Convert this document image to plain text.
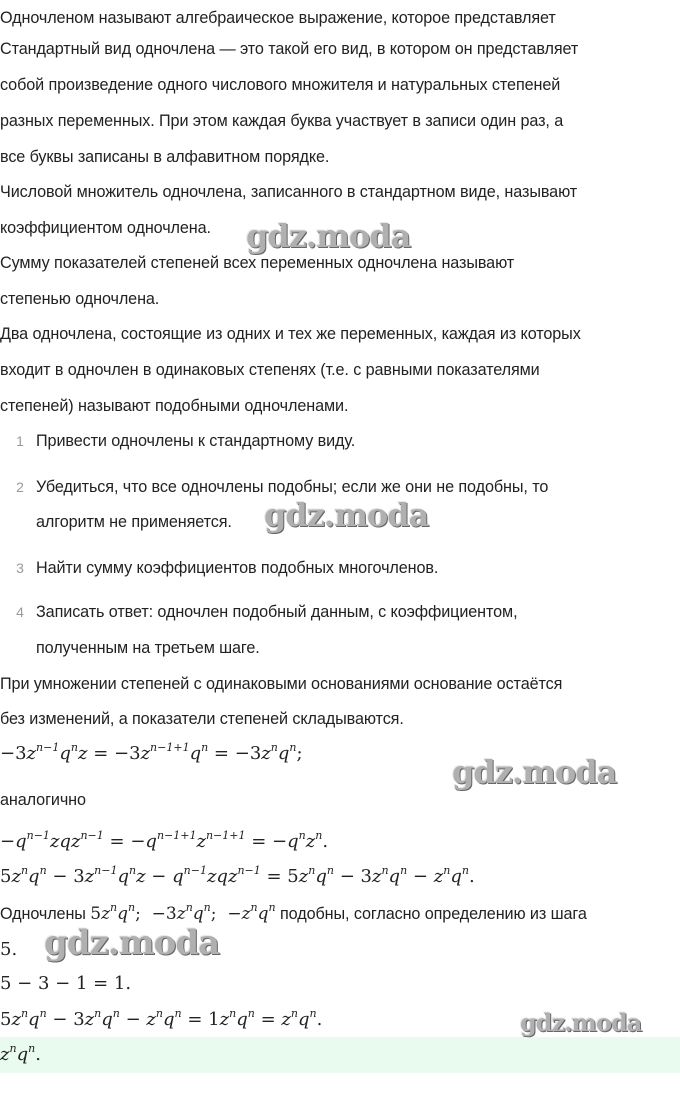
Одночленом называют алгебраическое выражение, которое представляет
Стандартный вид одночлена — это такой его вид, в котором он представляет
собой произведение одного числового множителя и натуральных степеней
разных переменных. При этом каждая буква участвует в записи один раз, а
все буквы записаны в алфавитном порядке.
Числовой множитель одночлена, записанного в стандартном виде, называют
коэффициентом одночлена.
Сумму показателей степеней всех переменных одночлена называют
степенью одночлена.
Два одночлена, состоящие из одних и тех же переменных, каждая из которых
входит в одночлен в одинаковых степенях (т.е. с равными показателями
степеней) называют подобными одночленами.
1 Привести одночлены к стандартному виду.
2 Убедиться, что все одночлены подобны; если же они не подобны, то
алгоритм не применяется.
3 Найти сумму коэффициентов подобных многочленов.
4 Записать ответ: одночлен подобный данным, с коэффициентом,
полученным на третьем шаге.
При умножении степеней с одинаковыми основаниями основание остаётся
без изменений, а показатели степеней складываются.
$-3z^{n-1}q^nz = -3z^{n-1+1}q^n = -3z^nq^n$;
аналогично
$-q^{n-1}zqz^{n-1} = -q^{n-1+1}z^{n-1+1} = -q^nz^n$.
$5z^nq^n - 3z^{n-1}q^nz - q^{n-1}zqz^{n-1} = 5z^nq^n - 3z^nq^n - z^nq^n$.
Одночлены $5z^nq^n$; $-3z^nq^n$; $-z^nq^n$ подобны, согласно определению из шага
5.
5 − 3 − 1 = 1.
$5z^nq^n - 3z^nq^n - z^nq^n = 1z^nq^n = z^nq^n$.
$z^nq^n$.
gdz.moda
gdz.moda
gdz.moda
gdz.moda
gdz.moda
